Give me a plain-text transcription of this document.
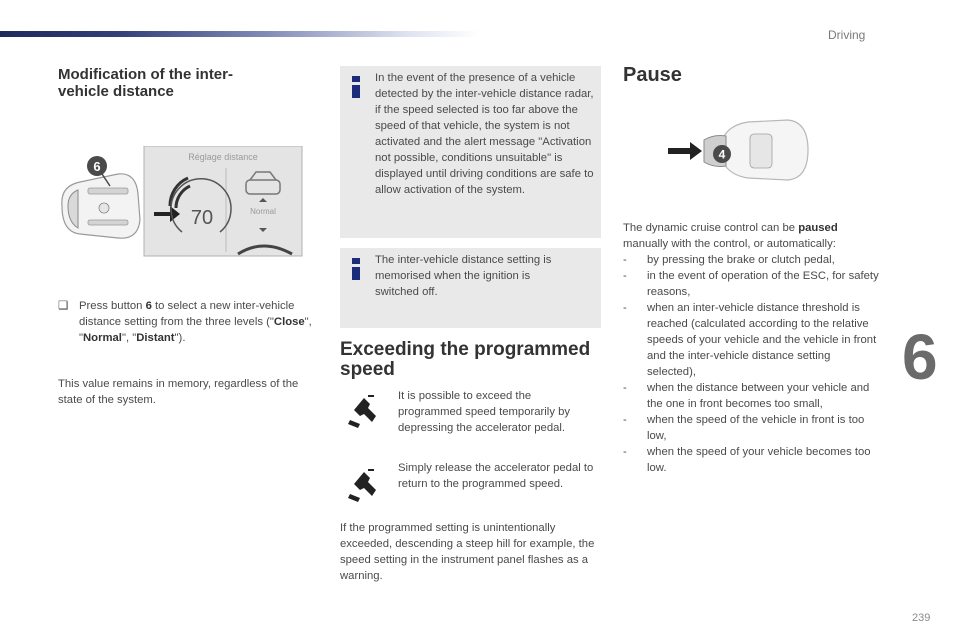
Driving
6
239
Modification of the inter-
vehicle distance
6
Réglage distance
70	Normal
❑ Press button 6 to select a new inter-vehicle distance setting from the three levels ("Close", "Normal", "Distant").

This value remains in memory, regardless of the state of the system.

In the event of the presence of a vehicle detected by the inter-vehicle distance radar, if the speed selected is too far above the speed of that vehicle, the system is not activated and the alert message "Activation not possible, conditions unsuitable" is displayed until driving conditions are safe to allow activation of the system.

The inter-vehicle distance setting is memorised when the ignition is switched off.

Exceeding the programmed speed

It is possible to exceed the programmed speed temporarily by depressing the accelerator pedal.

Simply release the accelerator pedal to return to the programmed speed.

If the programmed setting is unintentionally exceeded, descending a steep hill for example, the speed setting in the instrument panel flashes as a warning.

Pause
4

The dynamic cruise control can be paused manually with the control, or automatically:

- by pressing the brake or clutch pedal,
- in the event of operation of the ESC, for safety reasons,
- when an inter-vehicle distance threshold is reached (calculated according to the relative speeds of your vehicle and the vehicle in front and the inter-vehicle distance setting selected),
- when the distance between your vehicle and the one in front becomes too small,
- when the speed of the vehicle in front is too low,
- when the speed of your vehicle becomes too low.
